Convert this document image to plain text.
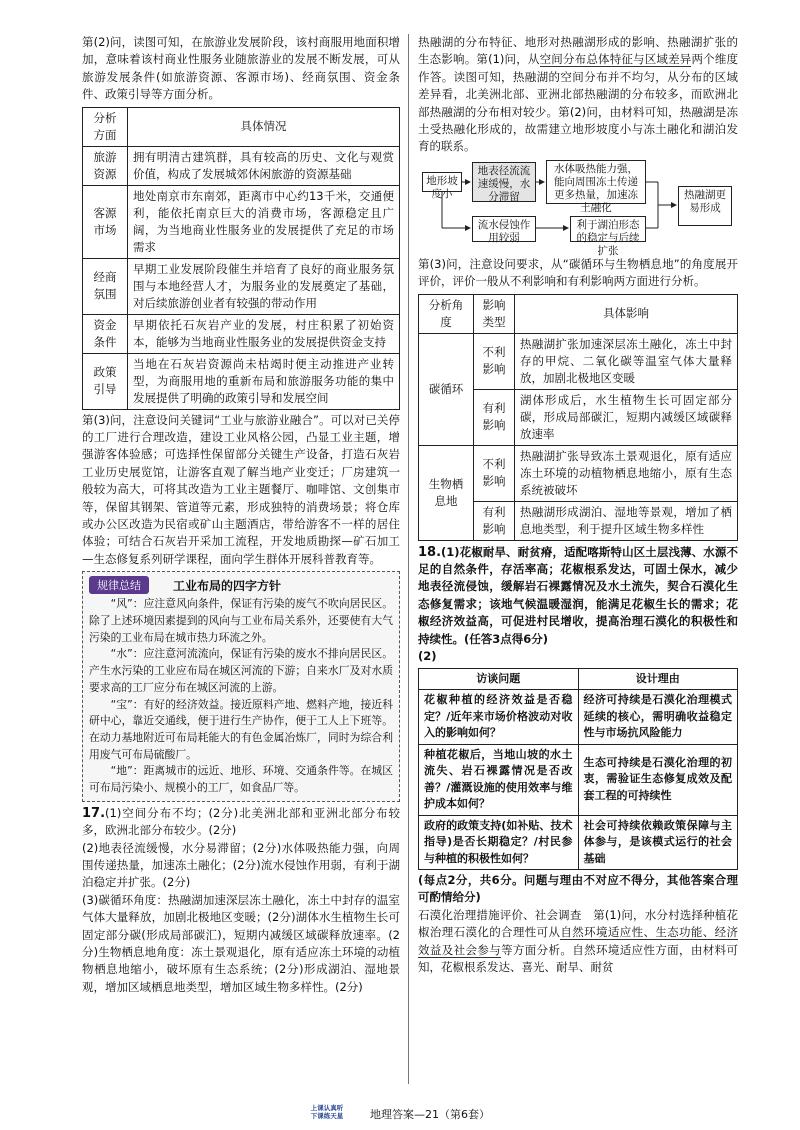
第(2)问，读图可知，在旅游业发展阶段，该村商服用地面积增加，意味着该村商业性服务业随旅游业的发展不断发展，可从旅游发展条件(如旅游资源、客源市场)、经商氛围、资金条件、政策引导等方面分析。

分析方面	具体情况
旅游资源	拥有明清古建筑群，具有较高的历史、文化与观赏价值，构成了发展城郊休闲旅游的资源基础
客源市场	地处南京市东南郊，距离市中心约13千米，交通便利，能依托南京巨大的消费市场，客源稳定且广阔，为当地商业性服务业的发展提供了充足的市场需求
经商氛围	早期工业发展阶段催生并培育了良好的商业服务氛围与本地经营人才，为服务业的发展奠定了基础，对后续旅游创业者有较强的带动作用
资金条件	早期依托石灰岩产业的发展，村庄积累了初始资本，能够为当地商业性服务业的发展提供资金支持
政策引导	当地在石灰岩资源尚未枯竭时便主动推进产业转型，为商服用地的重新布局和旅游服务功能的集中发展提供了明确的政策引导和发展空间

第(3)问，注意设问关键词“工业与旅游业融合”。可以对已关停的工厂进行合理改造，建设工业风格公园，凸显工业主题，增强游客体验感；可选择性保留部分关键生产设备，打造石灰岩工业历史展览馆，让游客直观了解当地产业变迁；厂房建筑一般较为高大，可将其改造为工业主题餐厅、咖啡馆、文创集市等，保留其钢架、管道等元素，形成独特的消费场景；将仓库或办公区改造为民宿或矿山主题酒店，带给游客不一样的居住体验；可结合石灰岩开采加工流程，开发地质勘探—矿石加工—生态修复系列研学课程，面向学生群体开展科普教育等。

规律总结	工业布局的四字方针

“风”：应注意风向条件，保证有污染的废气不吹向居民区。除了上述环境因素提到的风向与工业布局关系外，还要使有大气污染的工业布局在城市热力环流之外。

“水”：应注意河流流向，保证有污染的废水不排向居民区。产生水污染的工业应布局在城区河流的下游；自来水厂及对水质要求高的工厂应分布在城区河流的上游。

“宝”：有好的经济效益。接近原料产地、燃料产地，接近科研中心，靠近交通线，便于进行生产协作，便于工人上下班等。在动力基地附近可布局耗能大的有色金属冶炼厂，同时为综合利用废气可布局硫酸厂。

“地”：距离城市的远近、地形、环境、交通条件等。在城区可布局污染小、规模小的工厂，如食品厂等。

17.(1)空间分布不均；(2分)北美洲北部和亚洲北部分布较多，欧洲北部分布较少。(2分)

(2)地表径流缓慢，水分易滞留；(2分)水体吸热能力强，向周围传递热量，加速冻土融化；(2分)流水侵蚀作用弱，有利于湖泊稳定并扩张。(2分)

(3)碳循环角度：热融湖加速深层冻土融化，冻土中封存的温室气体大量释放，加剧北极地区变暖；(2分)湖体水生植物生长可固定部分碳(形成局部碳汇)，短期内减缓区域碳释放速率。(2分)生物栖息地角度：冻土景观退化，原有适应冻土环境的动植物栖息地缩小，破坏原有生态系统；(2分)形成湖泊、湿地景观，增加区域栖息地类型，增加区域生物多样性。(2分)

热融湖的分布特征、地形对热融湖形成的影响、热融湖扩张的生态影响。第(1)问，从空间分布总体特征与区域差异两个维度作答。读图可知，热融湖的空间分布并不均匀，从分布的区域差异看，北美洲北部、亚洲北部热融湖的分布较多，而欧洲北部热融湖的分布相对较少。第(2)问，由材料可知，热融湖是冻土受热融化形成的，故需建立地形坡度小与冻土融化和湖泊发育的联系。

地形坡度小
地表径流流速缓慢，水分滞留
水体吸热能力强，能向周围冻土传递更多热量，加速冻土融化
流水侵蚀作用较弱
利于湖泊形态的稳定与后续扩张
热融湖更易形成

第(3)问，注意设问要求，从“碳循环与生物栖息地”的角度展开评价，评价一般从不利影响和有利影响两方面进行分析。

分析角度	影响类型	具体影响
碳循环	不利影响	热融湖扩张加速深层冻土融化，冻土中封存的甲烷、二氧化碳等温室气体大量释放，加剧北极地区变暖
	有利影响	湖体形成后，水生植物生长可固定部分碳，形成局部碳汇，短期内减缓区域碳释放速率
生物栖息地	不利影响	热融湖扩张导致冻土景观退化，原有适应冻土环境的动植物栖息地缩小，原有生态系统被破坏
	有利影响	热融湖形成湖泊、湿地等景观，增加了栖息地类型，利于提升区域生物多样性

18.(1)花椒耐旱、耐贫瘠，适配喀斯特山区土层浅薄、水源不足的自然条件，存活率高；花椒根系发达，可固土保水，减少地表径流侵蚀，缓解岩石裸露情况及水土流失，契合石漠化生态修复需求；该地气候温暖湿润，能满足花椒生长的需求；花椒经济效益高，可促进村民增收，提高治理石漠化的积极性和持续性。(任答3点得6分)

(2)

访谈问题	设计理由
花椒种植的经济效益是否稳定？/近年来市场价格波动对收入的影响如何？	经济可持续是石漠化治理模式延续的核心，需明确收益稳定性与市场抗风险能力
种植花椒后，当地山坡的水土流失、岩石裸露情况是否改善？/灌溉设施的使用效率与维护成本如何？	生态可持续是石漠化治理的初衷，需验证生态修复成效及配套工程的可持续性
政府的政策支持(如补贴、技术指导)是否长期稳定？/村民参与种植的积极性如何？	社会可持续依赖政策保障与主体参与，是该模式运行的社会基础

(每点2分，共6分。问题与理由不对应不得分，其他答案合理可酌情给分)

石漠化治理措施评价、社会调查　第(1)问，水分村选择种植花椒治理石漠化的合理性可从自然环境适应性、生态功能、经济效益及社会参与等方面分析。自然环境适应性方面，由材料可知，花椒根系发达、喜光、耐旱、耐贫

上课认真听
下课练天星	地理答案—21（第6套）
